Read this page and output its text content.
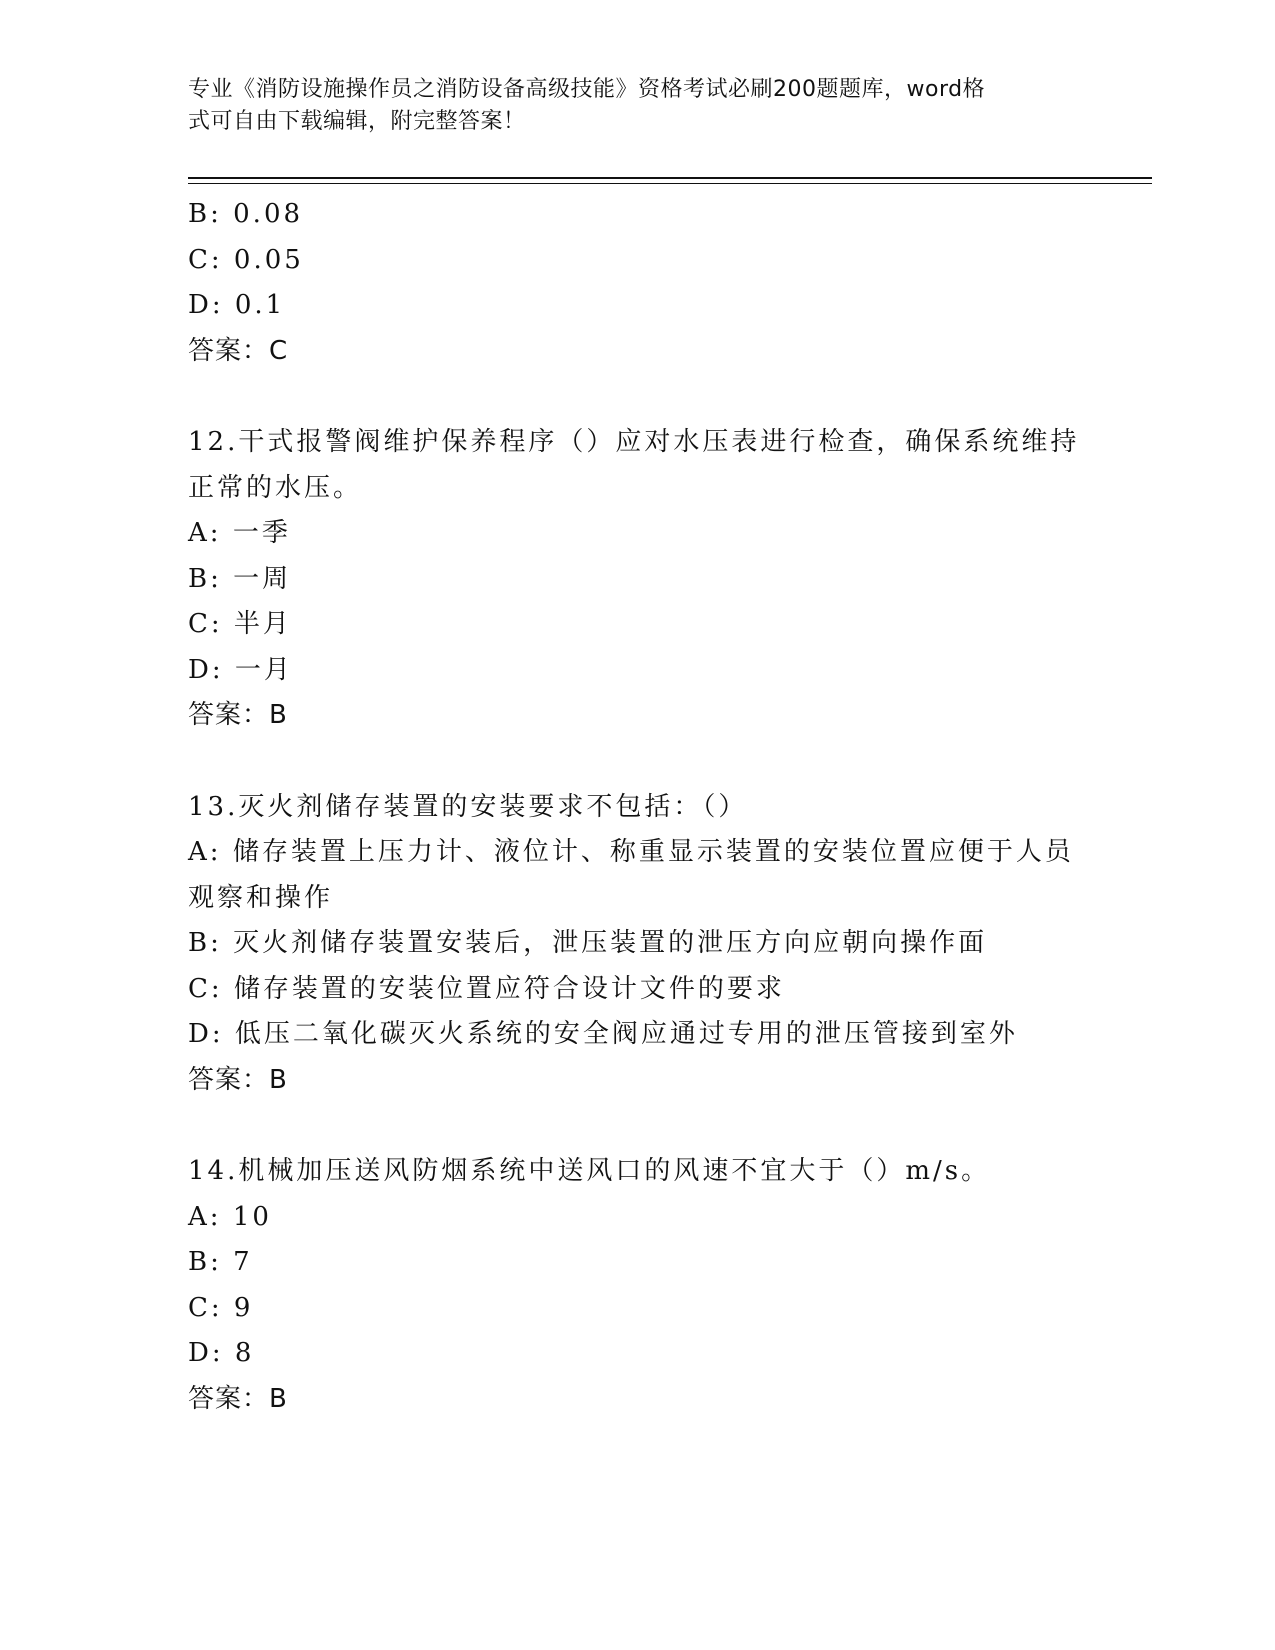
专业《消防设施操作员之消防设备高级技能》资格考试必刷200题题库，word格
式可自由下载编辑，附完整答案！
B: 0.08
C: 0.05
D: 0.1
答案：C
12.干式报警阀维护保养程序（）应对水压表进行检查，确保系统维持
正常的水压。
A: 一季
B: 一周
C: 半月
D: 一月
答案：B
13.灭火剂储存装置的安装要求不包括：（）
A: 储存装置上压力计、液位计、称重显示装置的安装位置应便于人员
观察和操作
B: 灭火剂储存装置安装后，泄压装置的泄压方向应朝向操作面
C: 储存装置的安装位置应符合设计文件的要求
D: 低压二氧化碳灭火系统的安全阀应通过专用的泄压管接到室外
答案：B
14.机械加压送风防烟系统中送风口的风速不宜大于（）m/s。
A: 10
B: 7
C: 9
D: 8
答案：B
